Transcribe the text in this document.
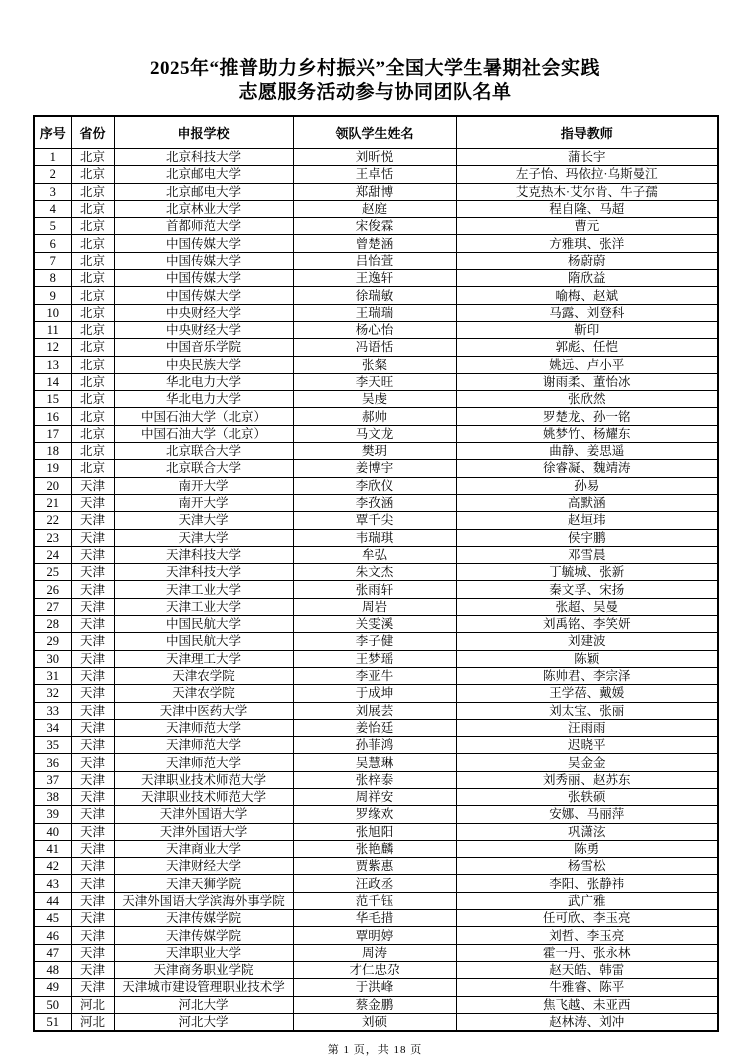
2025年“推普助力乡村振兴”全国大学生暑期社会实践
志愿服务活动参与协同团队名单
序号	省份	申报学校	领队学生姓名	指导教师
1	北京	北京科技大学	刘昕悦	蒲长宇
2	北京	北京邮电大学	王卓恬	左子怡、玛依拉·乌斯曼江
3	北京	北京邮电大学	郑甜博	艾克热木·艾尔肯、牛子孺
4	北京	北京林业大学	赵庭	程自隆、马超
5	北京	首都师范大学	宋俊霖	曹元
6	北京	中国传媒大学	曾楚涵	方雅琪、张洋
7	北京	中国传媒大学	吕怡萱	杨蔚蔚
8	北京	中国传媒大学	王逸轩	隋欣益
9	北京	中国传媒大学	徐瑞敏	喻梅、赵斌
10	北京	中央财经大学	王瑞瑞	马露、刘登科
11	北京	中央财经大学	杨心怡	靳印
12	北京	中国音乐学院	冯语恬	郭彪、任恺
13	北京	中央民族大学	张粲	姚远、卢小平
14	北京	华北电力大学	李天旺	谢雨柔、董怡冰
15	北京	华北电力大学	吴虔	张欣然
16	北京	中国石油大学（北京）	郝帅	罗楚龙、孙一铭
17	北京	中国石油大学（北京）	马文龙	姚梦竹、杨耀东
18	北京	北京联合大学	樊玥	曲静、姜思遥
19	北京	北京联合大学	姜博宇	徐睿凝、魏靖涛
20	天津	南开大学	李欣仪	孙易
21	天津	南开大学	李孜涵	高默涵
22	天津	天津大学	覃千尖	赵垣玮
23	天津	天津大学	韦瑞琪	侯宇鹏
24	天津	天津科技大学	牟弘	邓雪晨
25	天津	天津科技大学	朱文杰	丁毓城、张新
26	天津	天津工业大学	张雨轩	秦文孚、宋扬
27	天津	天津工业大学	周岩	张超、吴曼
28	天津	中国民航大学	关雯溪	刘禹铭、李笑妍
29	天津	中国民航大学	李子健	刘建波
30	天津	天津理工大学	王梦瑶	陈颖
31	天津	天津农学院	李亚牛	陈帅君、李宗泽
32	天津	天津农学院	于成坤	王学蓓、戴媛
33	天津	天津中医药大学	刘展芸	刘太宝、张丽
34	天津	天津师范大学	姜怡廷	汪雨雨
35	天津	天津师范大学	孙菲鸿	迟晓平
36	天津	天津师范大学	吴慧琳	吴金金
37	天津	天津职业技术师范大学	张梓泰	刘秀丽、赵苏东
38	天津	天津职业技术师范大学	周祥安	张轶硕
39	天津	天津外国语大学	罗缘欢	安娜、马丽萍
40	天津	天津外国语大学	张旭阳	巩潇泫
41	天津	天津商业大学	张艳麟	陈勇
42	天津	天津财经大学	贾紫惠	杨雪松
43	天津	天津天狮学院	汪政丞	李阳、张静祎
44	天津	天津外国语大学滨海外事学院	范千钰	武广雅
45	天津	天津传媒学院	华毛措	任可欣、李玉亮
46	天津	天津传媒学院	覃明婷	刘哲、李玉亮
47	天津	天津职业大学	周涛	霍一丹、张永林
48	天津	天津商务职业学院	才仁忠尕	赵天皓、韩雷
49	天津	天津城市建设管理职业技术学	于洪峰	牛雅睿、陈平
50	河北	河北大学	蔡金鹏	焦飞越、未亚西
51	河北	河北大学	刘硕	赵林涛、刘冲
第 1 页，共 18 页
